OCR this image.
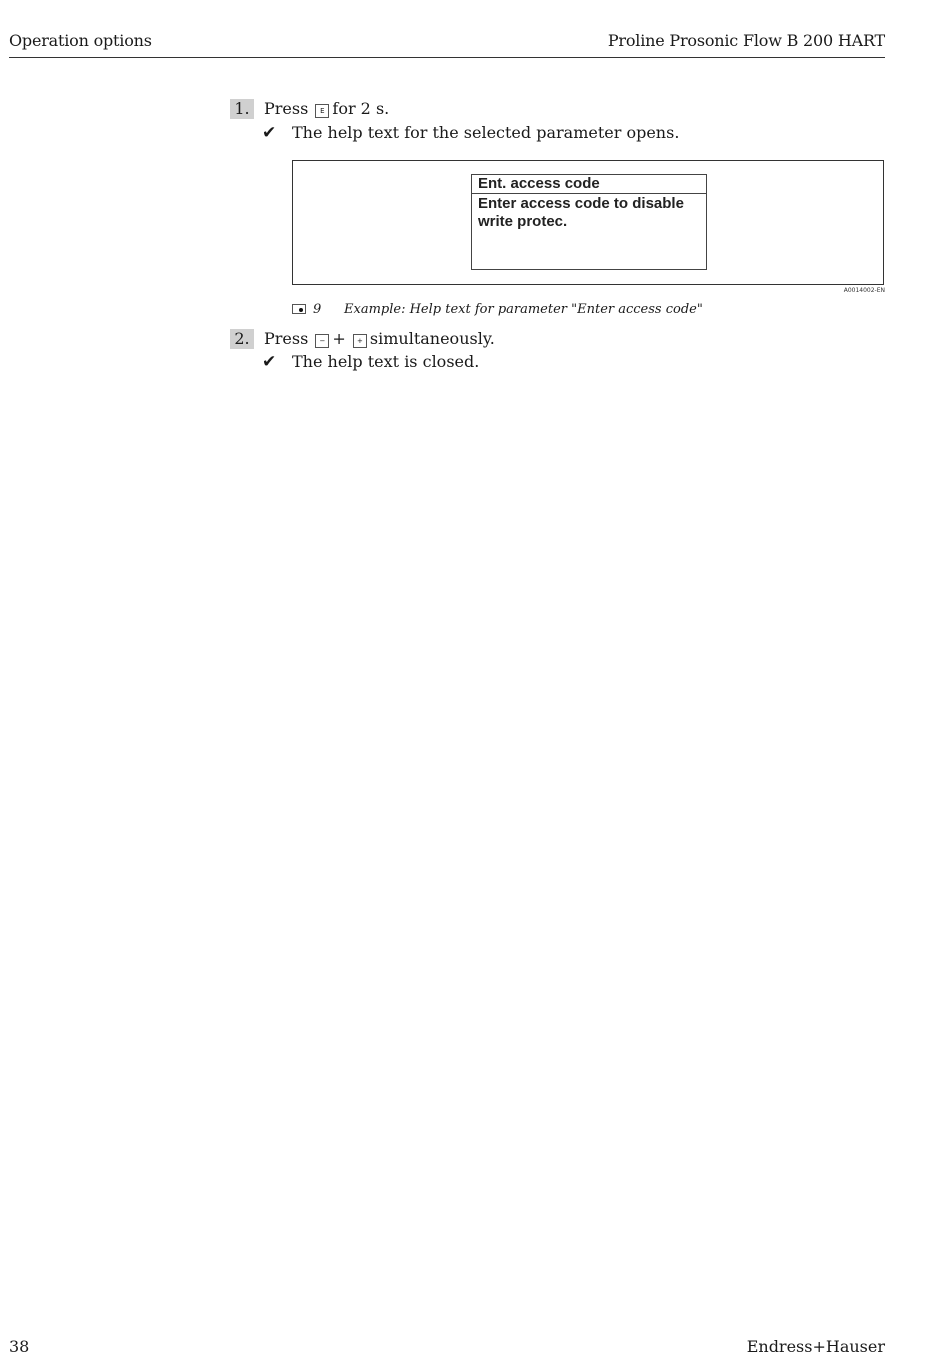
Operation options	Proline Prosonic Flow B 200 HART
1. Press E for 2 s.
✔ The help text for the selected parameter opens.
Ent. access code
Enter access code to disable
write protec.
A0014002-EN
9 Example: Help text for parameter "Enter access code"
2. Press − + + simultaneously.
✔ The help text is closed.
38	Endress+Hauser
